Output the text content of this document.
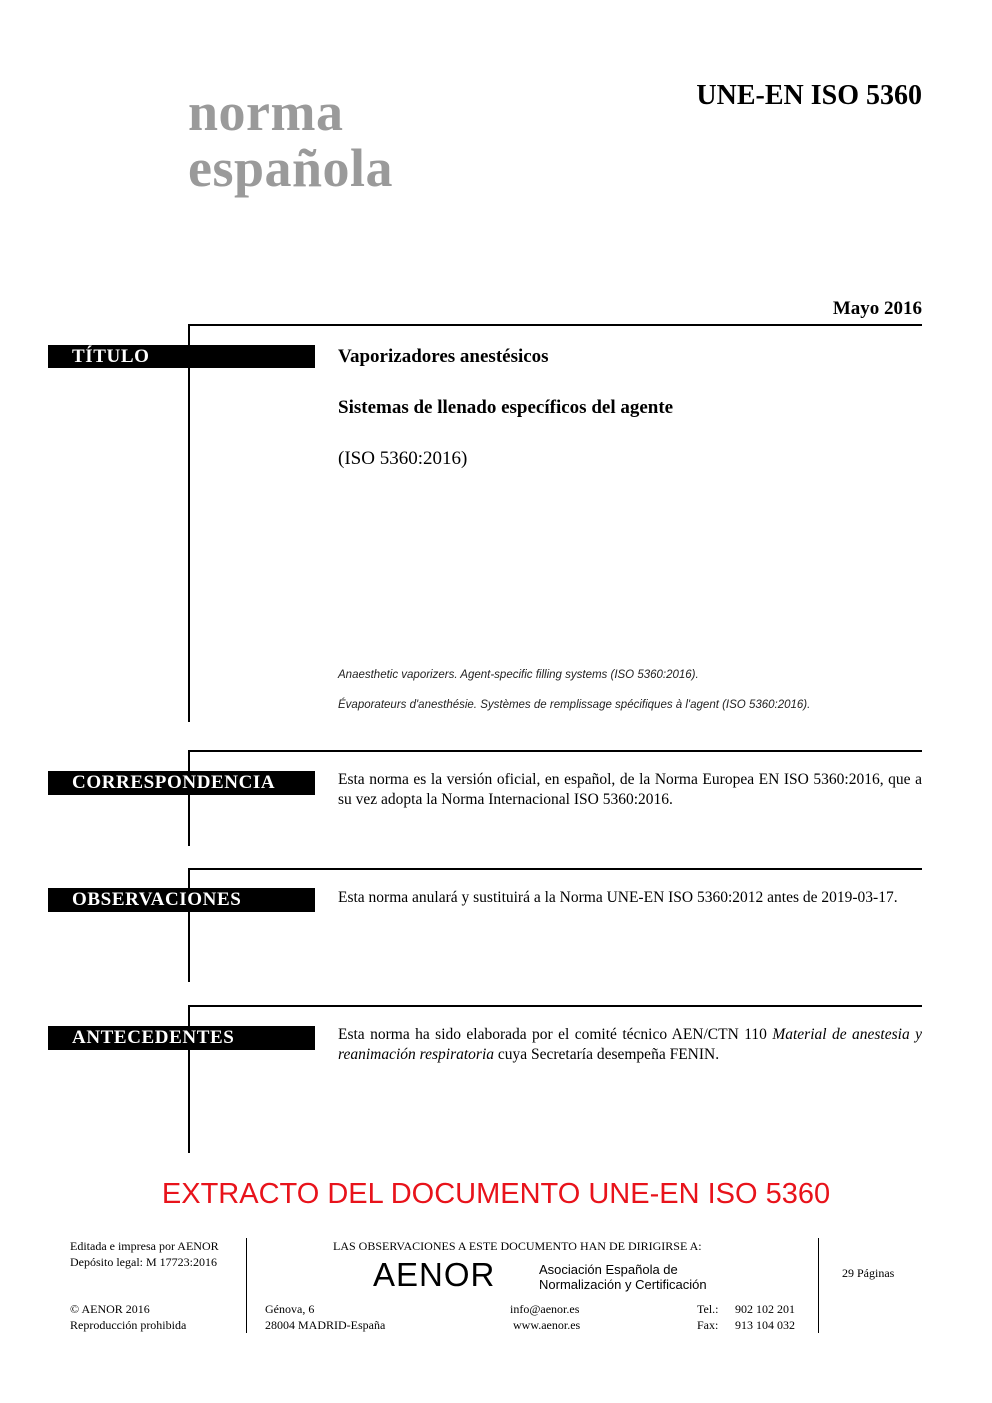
norma
española
UNE-EN ISO 5360
Mayo 2016
TÍTULO	Vaporizadores anestésicos
Sistemas de llenado específicos del agente
(ISO 5360:2016)
Anaesthetic vaporizers. Agent-specific filling systems (ISO 5360:2016).
Évaporateurs d'anesthésie. Systèmes de remplissage spécifiques à l'agent (ISO 5360:2016).
CORRESPONDENCIA	Esta norma es la versión oficial, en español, de la Norma Europea EN ISO 5360:2016, que a su vez adopta la Norma Internacional ISO 5360:2016.
OBSERVACIONES	Esta norma anulará y sustituirá a la Norma UNE-EN ISO 5360:2012 antes de 2019-03-17.
ANTECEDENTES	Esta norma ha sido elaborada por el comité técnico AEN/CTN 110 Material de anestesia y reanimación respiratoria cuya Secretaría desempeña FENIN.
EXTRACTO DEL DOCUMENTO UNE-EN ISO 5360
Editada e impresa por AENOR
Depósito legal: M 17723:2016
© AENOR 2016
Reproducción prohibida
LAS OBSERVACIONES A ESTE DOCUMENTO HAN DE DIRIGIRSE A:
AENOR	Asociación Española de
Normalización y Certificación
Génova, 6
28004 MADRID-España
info@aenor.es
www.aenor.es
Tel.: 902 102 201
Fax: 913 104 032
29 Páginas
